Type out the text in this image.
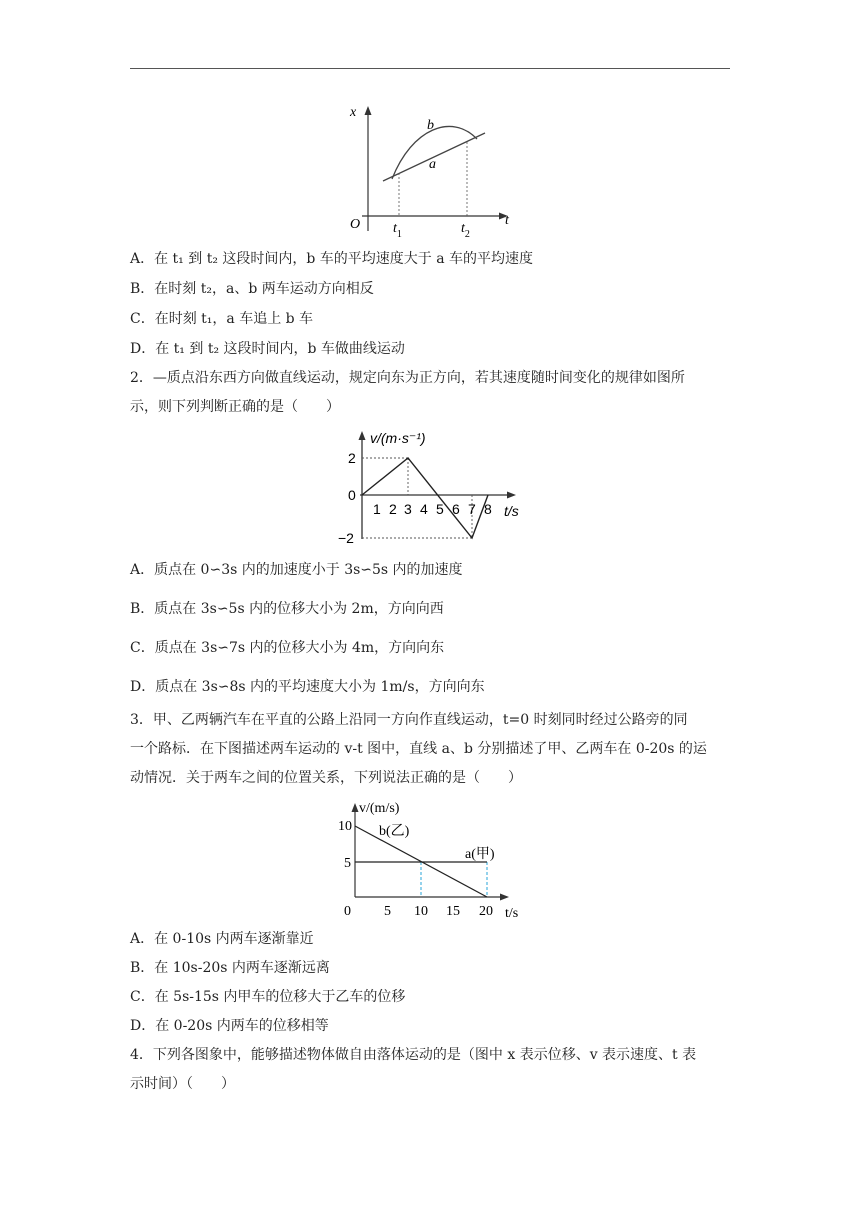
x
t
O
b
a
$t_1$	$t_2$
A．在 t₁ 到 t₂ 这段时间内，b 车的平均速度大于 a 车的平均速度
B．在时刻 t₂，a、b 两车运动方向相反
C．在时刻 t₁，a 车追上 b 车
D．在 t₁ 到 t₂ 这段时间内，b 车做曲线运动
2．—质点沿东西方向做直线运动，规定向东为正方向，若其速度随时间变化的规律如图所
示，则下列判断正确的是（　　）
v/(m·s⁻¹)
t/s
2
0
−2
1 2 3 4 5 6 7 8
A．质点在 0∽3s 内的加速度小于 3s∽5s 内的加速度
B．质点在 3s∽5s 内的位移大小为 2m，方向向西
C．质点在 3s∽7s 内的位移大小为 4m，方向向东
D．质点在 3s∽8s 内的平均速度大小为 1m/s，方向向东
3．甲、乙两辆汽车在平直的公路上沿同一方向作直线运动，t=0 时刻同时经过公路旁的同
一个路标．在下图描述两车运动的 v-t 图中，直线 a、b 分别描述了甲、乙两车在 0-20s 的运
动情况．关于两车之间的位置关系，下列说法正确的是（　　）
v/(m/s)
t/s
10
5
0 5 10 15 20
b(乙)
a(甲)
A．在 0-10s 内两车逐渐靠近
B．在 10s-20s 内两车逐渐远离
C．在 5s-15s 内甲车的位移大于乙车的位移
D．在 0-20s 内两车的位移相等
4．下列各图象中，能够描述物体做自由落体运动的是（图中 x 表示位移、v 表示速度、t 表
示时间）（　　）
